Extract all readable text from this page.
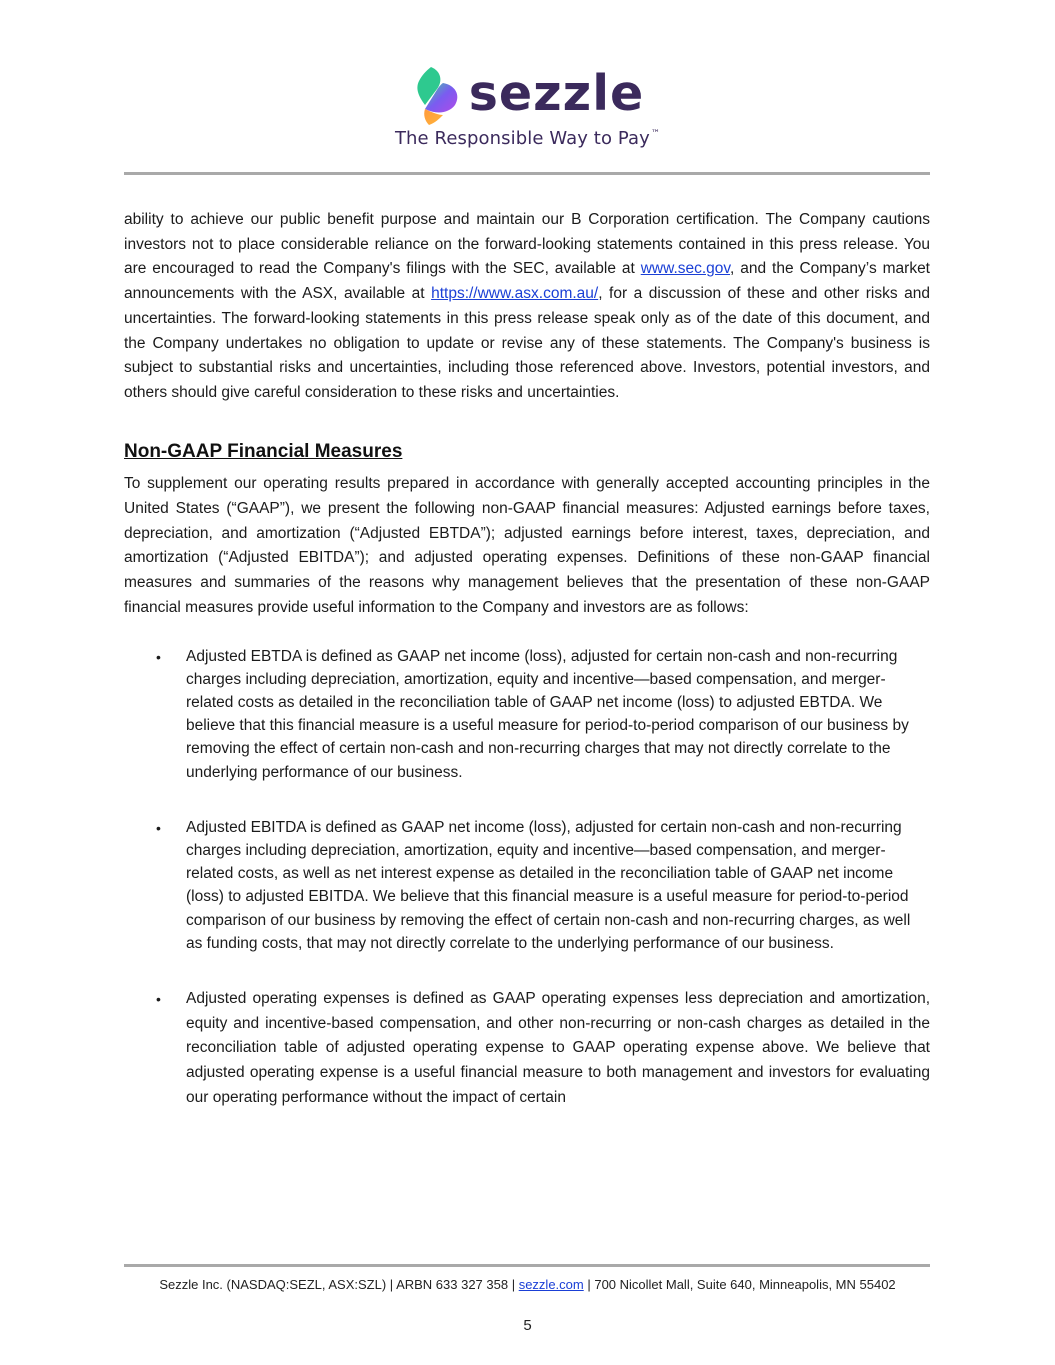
sezzle
The Responsible Way to Pay™

ability to achieve our public benefit purpose and maintain our B Corporation certification. The Company cautions investors not to place considerable reliance on the forward-looking statements contained in this press release. You are encouraged to read the Company's filings with the SEC, available at www.sec.gov, and the Company’s market announcements with the ASX, available at https://www.asx.com.au/, for a discussion of these and other risks and uncertainties. The forward-looking statements in this press release speak only as of the date of this document, and the Company undertakes no obligation to update or revise any of these statements. The Company's business is subject to substantial risks and uncertainties, including those referenced above. Investors, potential investors, and others should give careful consideration to these risks and uncertainties.

Non-GAAP Financial Measures

To supplement our operating results prepared in accordance with generally accepted accounting principles in the United States (“GAAP”), we present the following non-GAAP financial measures: Adjusted earnings before taxes, depreciation, and amortization (“Adjusted EBTDA”); adjusted earnings before interest, taxes, depreciation, and amortization (“Adjusted EBITDA”); and adjusted operating expenses. Definitions of these non-GAAP financial measures and summaries of the reasons why management believes that the presentation of these non-GAAP financial measures provide useful information to the Company and investors are as follows:

• Adjusted EBTDA is defined as GAAP net income (loss), adjusted for certain non-cash and non-recurring charges including depreciation, amortization, equity and incentive—based compensation, and merger-related costs as detailed in the reconciliation table of GAAP net income (loss) to adjusted EBTDA. We believe that this financial measure is a useful measure for period-to-period comparison of our business by removing the effect of certain non-cash and non-recurring charges that may not directly correlate to the underlying performance of our business.
• Adjusted EBITDA is defined as GAAP net income (loss), adjusted for certain non-cash and non-recurring charges including depreciation, amortization, equity and incentive—based compensation, and merger-related costs, as well as net interest expense as detailed in the reconciliation table of GAAP net income (loss) to adjusted EBITDA. We believe that this financial measure is a useful measure for period-to-period comparison of our business by removing the effect of certain non-cash and non-recurring charges, as well as funding costs, that may not directly correlate to the underlying performance of our business.
• Adjusted operating expenses is defined as GAAP operating expenses less depreciation and amortization, equity and incentive-based compensation, and other non-recurring or non-cash charges as detailed in the reconciliation table of adjusted operating expense to GAAP operating expense above. We believe that adjusted operating expense is a useful financial measure to both management and investors for evaluating our operating performance without the impact of certain
Sezzle Inc. (NASDAQ:SEZL, ASX:SZL) | ARBN 633 327 358 | sezzle.com | 700 Nicollet Mall, Suite 640, Minneapolis, MN 55402
5
